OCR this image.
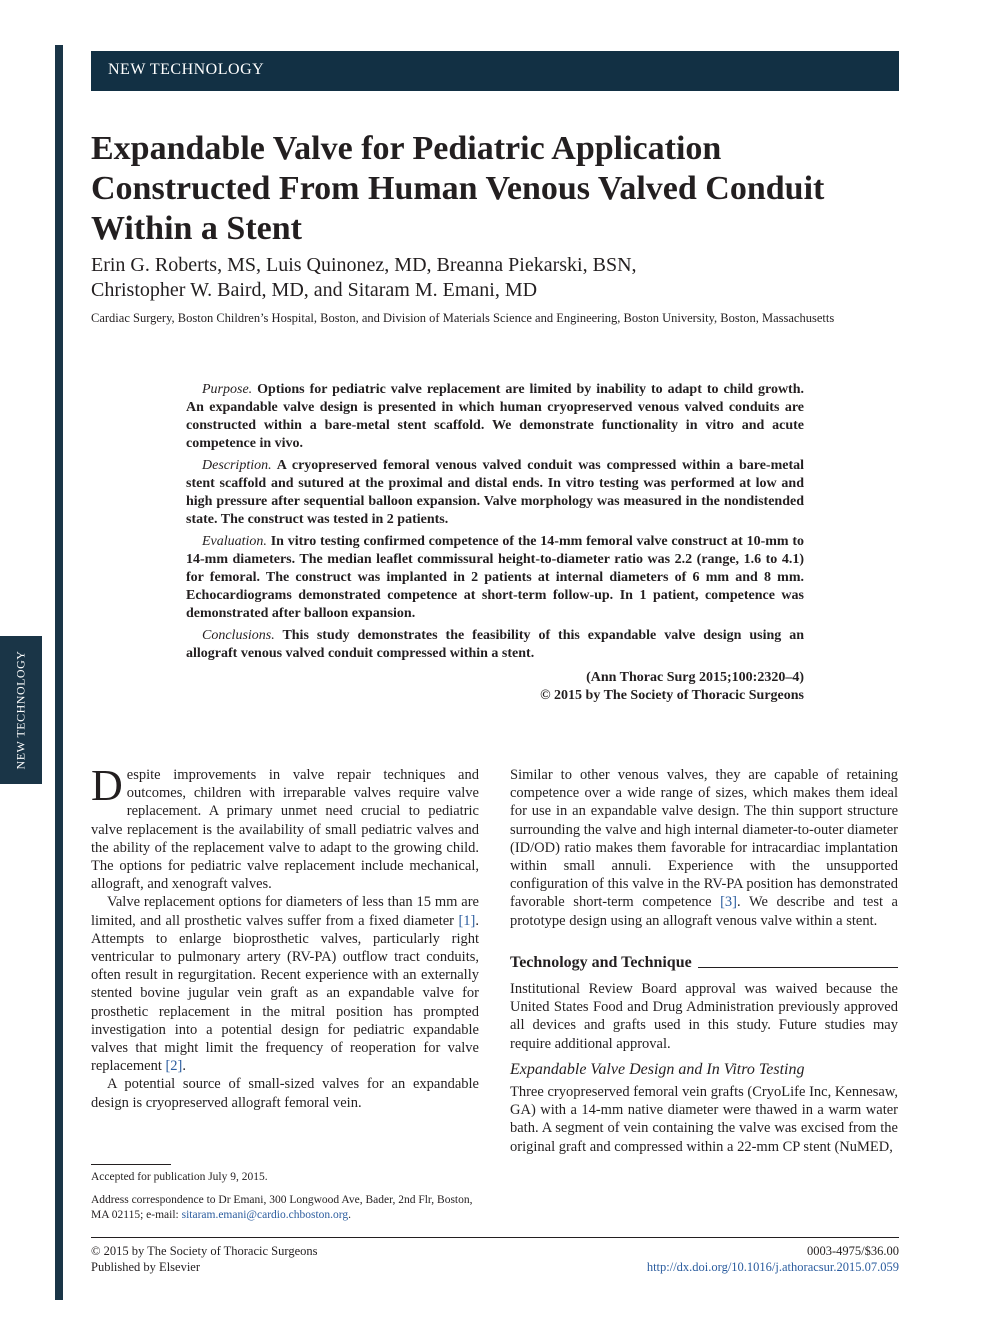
NEW TECHNOLOGY
NEW TECHNOLOGY
Expandable Valve for Pediatric Application Constructed From Human Venous Valved Conduit Within a Stent
Erin G. Roberts, MS, Luis Quinonez, MD, Breanna Piekarski, BSN,
Christopher W. Baird, MD, and Sitaram M. Emani, MD

Cardiac Surgery, Boston Children’s Hospital, Boston, and Division of Materials Science and Engineering, Boston University, Boston, Massachusetts

Purpose. Options for pediatric valve replacement are limited by inability to adapt to child growth. An expandable valve design is presented in which human cryopreserved venous valved conduits are constructed within a bare-metal stent scaffold. We demonstrate functionality in vitro and acute competence in vivo.

Description. A cryopreserved femoral venous valved conduit was compressed within a bare-metal stent scaffold and sutured at the proximal and distal ends. In vitro testing was performed at low and high pressure after sequential balloon expansion. Valve morphology was measured in the nondistended state. The construct was tested in 2 patients.

Evaluation. In vitro testing confirmed competence of the 14-mm femoral valve construct at 10-mm to 14-mm diameters. The median leaflet commissural height-to-diameter ratio was 2.2 (range, 1.6 to 4.1) for femoral. The construct was implanted in 2 patients at internal diameters of 6 mm and 8 mm. Echocardiograms demonstrated competence at short-term follow-up. In 1 patient, competence was demonstrated after balloon expansion.

Conclusions. This study demonstrates the feasibility of this expandable valve design using an allograft venous valved conduit compressed within a stent.

(Ann Thorac Surg 2015;100:2320–4)
© 2015 by The Society of Thoracic Surgeons

Despite improvements in valve repair techniques and outcomes, children with irreparable valves require valve replacement. A primary unmet need crucial to pediatric valve replacement is the availability of small pediatric valves and the ability of the replacement valve to adapt to the growing child. The options for pediatric valve replacement include mechanical, allograft, and xenograft valves.

Valve replacement options for diameters of less than 15 mm are limited, and all prosthetic valves suffer from a fixed diameter [1]. Attempts to enlarge bioprosthetic valves, particularly right ventricular to pulmonary artery (RV-PA) outflow tract conduits, often result in regurgitation. Recent experience with an externally stented bovine jugular vein graft as an expandable valve for prosthetic replacement in the mitral position has prompted investigation into a potential design for pediatric expandable valves that might limit the frequency of reoperation for valve replacement [2].

A potential source of small-sized valves for an expandable design is cryopreserved allograft femoral vein.

Similar to other venous valves, they are capable of retaining competence over a wide range of sizes, which makes them ideal for use in an expandable valve design. The thin support structure surrounding the valve and high internal diameter-to-outer diameter (ID/OD) ratio makes them favorable for intracardiac implantation within small annuli. Experience with the unsupported configuration of this valve in the RV-PA position has demonstrated favorable short-term competence [3]. We describe and test a prototype design using an allograft venous valve within a stent.

Technology and Technique

Institutional Review Board approval was waived because the United States Food and Drug Administration previously approved all devices and grafts used in this study. Future studies may require additional approval.

Expandable Valve Design and In Vitro Testing

Three cryopreserved femoral vein grafts (CryoLife Inc, Kennesaw, GA) with a 14-mm native diameter were thawed in a warm water bath. A segment of vein containing the valve was excised from the original graft and compressed within a 22-mm CP stent (NuMED,

Accepted for publication July 9, 2015.

Address correspondence to Dr Emani, 300 Longwood Ave, Bader, 2nd Flr, Boston, MA 02115; e-mail: sitaram.emani@cardio.chboston.org.

© 2015 by The Society of Thoracic Surgeons
Published by Elsevier
0003-4975/$36.00
http://dx.doi.org/10.1016/j.athoracsur.2015.07.059
